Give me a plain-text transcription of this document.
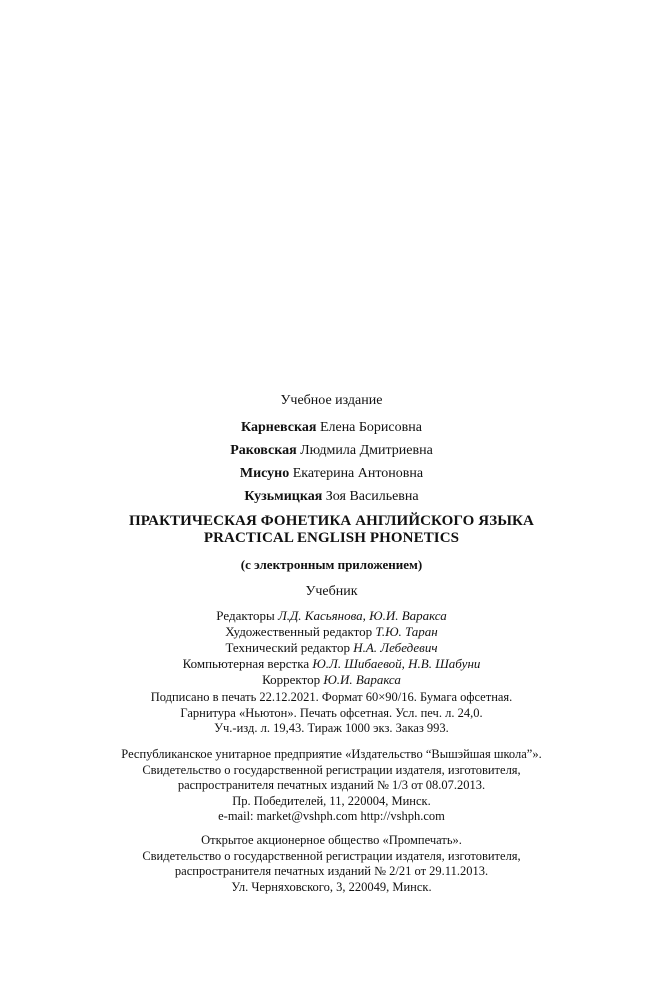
Учебное издание
Карневская Елена Борисовна
Раковская Людмила Дмитриевна
Мисуно Екатерина Антоновна
Кузьмицкая Зоя Васильевна
ПРАКТИЧЕСКАЯ ФОНЕТИКА АНГЛИЙСКОГО ЯЗЫКА
PRACTICAL ENGLISH PHONETICS
(с электронным приложением)
Учебник
Редакторы Л.Д. Касьянова, Ю.И. Варакса
Художественный редактор Т.Ю. Таран
Технический редактор Н.А. Лебедевич
Компьютерная верстка Ю.Л. Шибаевой, Н.В. Шабуни
Корректор Ю.И. Варакса
Подписано в печать 22.12.2021. Формат 60×90/16. Бумага офсетная.
Гарнитура «Ньютон». Печать офсетная. Усл. печ. л. 24,0.
Уч.-изд. л. 19,43. Тираж 1000 экз. Заказ 993.
Республиканское унитарное предприятие «Издательство “Вышэйшая школа”».
Свидетельство о государственной регистрации издателя, изготовителя,
распространителя печатных изданий № 1/3 от 08.07.2013.
Пр. Победителей, 11, 220004, Минск.
e-mail: market@vshph.com http://vshph.com
Открытое акционерное общество «Промпечать».
Свидетельство о государственной регистрации издателя, изготовителя,
распространителя печатных изданий № 2/21 от 29.11.2013.
Ул. Черняховского, 3, 220049, Минск.
